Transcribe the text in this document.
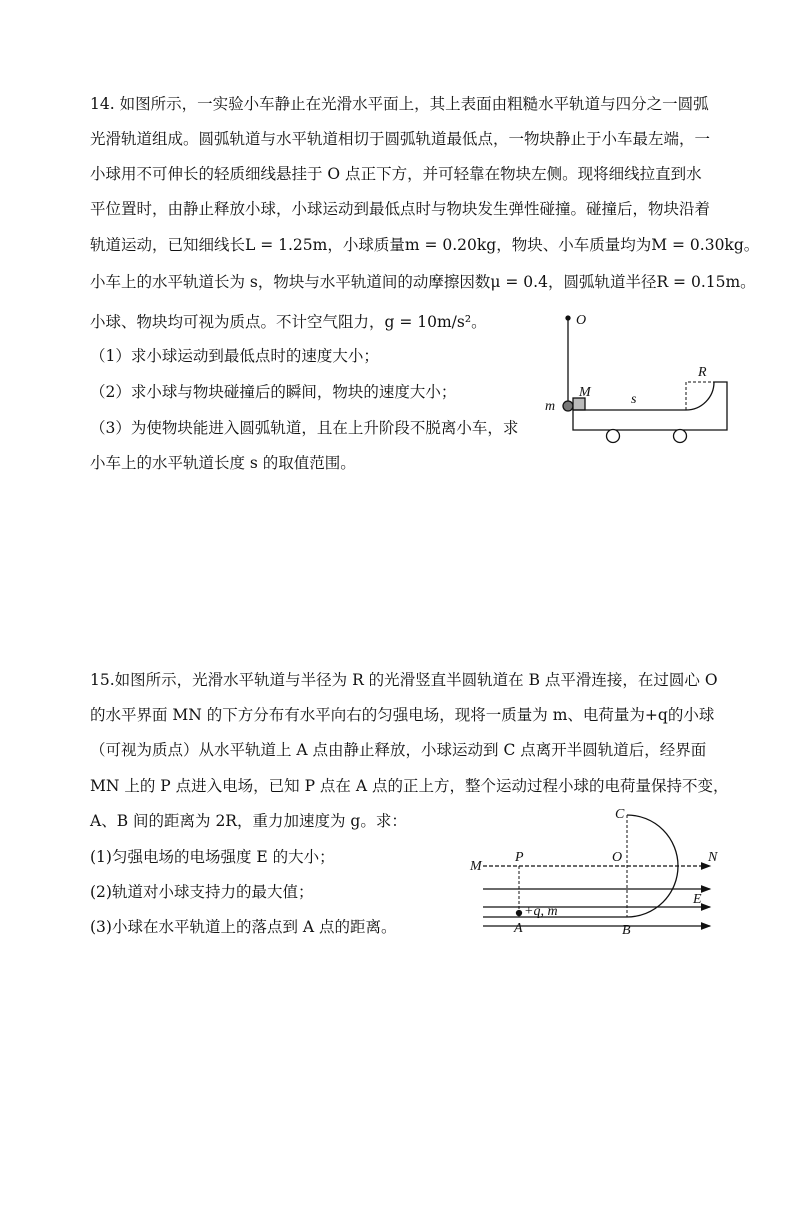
14. 如图所示，一实验小车静止在光滑水平面上，其上表面由粗糙水平轨道与四分之一圆弧
光滑轨道组成。圆弧轨道与水平轨道相切于圆弧轨道最低点，一物块静止于小车最左端，一
小球用不可伸长的轻质细线悬挂于 O 点正下方，并可轻靠在物块左侧。现将细线拉直到水
平位置时，由静止释放小球，小球运动到最低点时与物块发生弹性碰撞。碰撞后，物块沿着
轨道运动，已知细线长L = 1.25m，小球质量m = 0.20kg，物块、小车质量均为M = 0.30kg。
小车上的水平轨道长为 s，物块与水平轨道间的动摩擦因数μ = 0.4，圆弧轨道半径R = 0.15m。
小球、物块均可视为质点。不计空气阻力，g = 10m/s²。
（1）求小球运动到最低点时的速度大小；
（2）求小球与物块碰撞后的瞬间，物块的速度大小；
（3）为使物块能进入圆弧轨道，且在上升阶段不脱离小车，求
小车上的水平轨道长度 s 的取值范围。
15.如图所示，光滑水平轨道与半径为 R 的光滑竖直半圆轨道在 B 点平滑连接，在过圆心 O
的水平界面 MN 的下方分布有水平向右的匀强电场，现将一质量为 m、电荷量为+q的小球
（可视为质点）从水平轨道上 A 点由静止释放，小球运动到 C 点离开半圆轨道后，经界面
MN 上的 P 点进入电场，已知 P 点在 A 点的正上方，整个运动过程小球的电荷量保持不变，
A、B 间的距离为 2R，重力加速度为 g。求：
(1)匀强电场的电场强度 E 的大小；
(2)轨道对小球支持力的最大值；
(3)小球在水平轨道上的落点到 A 点的距离。
O
M
m	s
R
M
N
P	O
C
E
+q, m
A	B
